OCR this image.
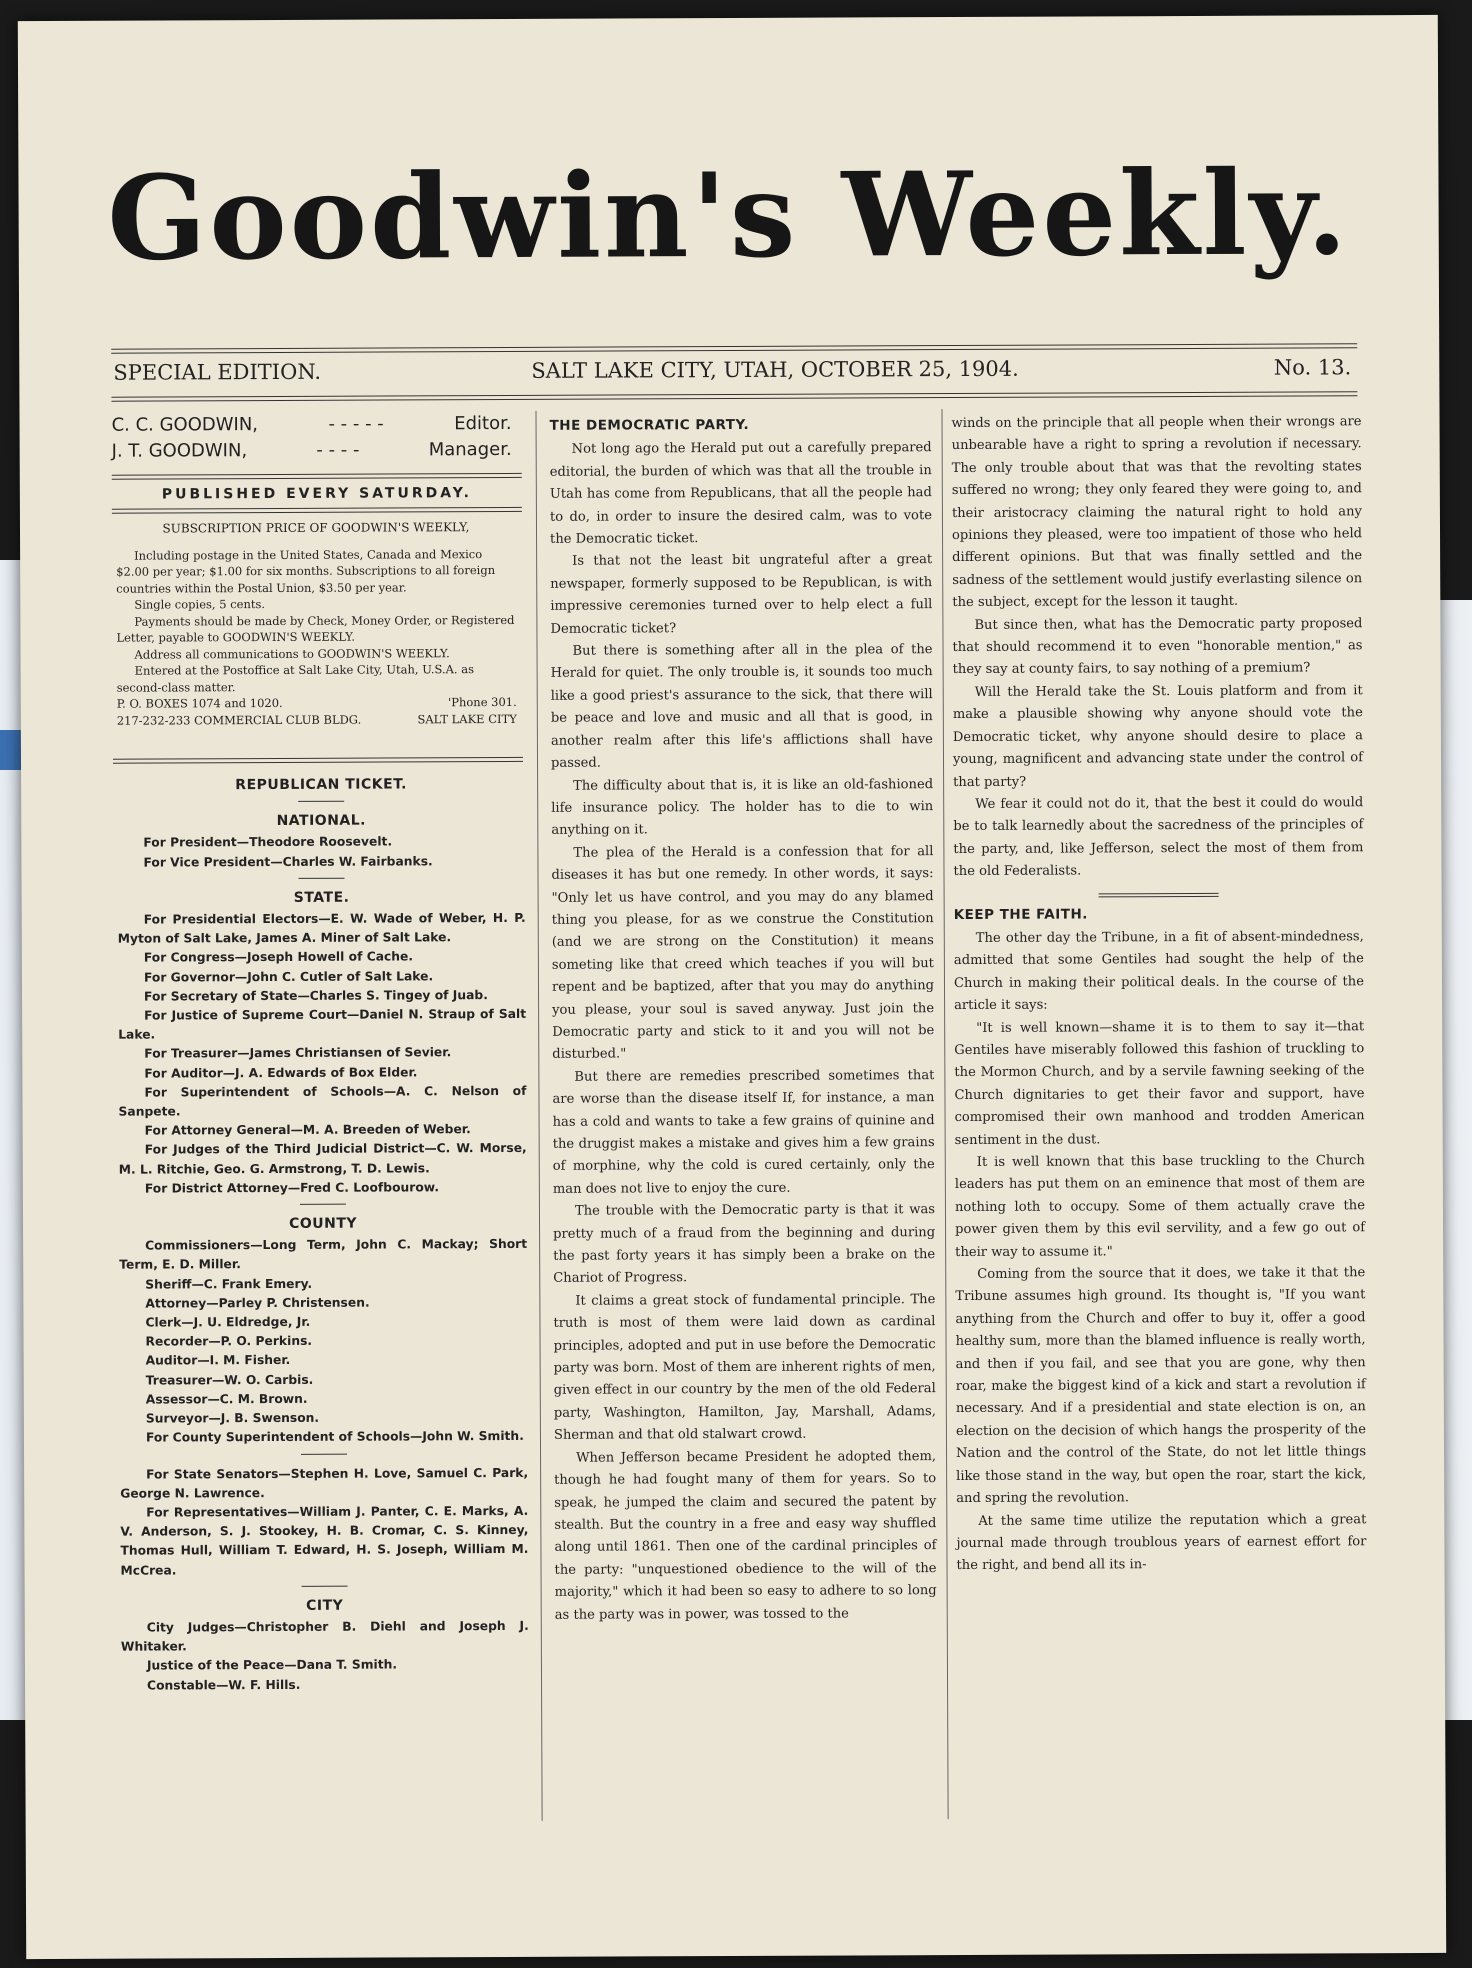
Goodwin's Weekly.
SPECIAL EDITION.	SALT LAKE CITY, UTAH, OCTOBER 25, 1904.	No. 13.
C. C. GOODWIN,	- - - - -	Editor.
J. T. GOODWIN,	- - - -	Manager.
PUBLISHED EVERY SATURDAY.

SUBSCRIPTION PRICE OF GOODWIN'S WEEKLY,

Including postage in the United States, Canada and Mexico $2.00 per year; $1.00 for six months. Subscriptions to all foreign countries within the Postal Union, $3.50 per year.

Single copies, 5 cents.

Payments should be made by Check, Money Order, or Registered Letter, payable to GOODWIN'S WEEKLY.

Address all communications to GOODWIN'S WEEKLY.

Entered at the Postoffice at Salt Lake City, Utah, U.S.A. as second-class matter.

P. O. BOXES 1074 and 1020.	'Phone 301.

217-232-233 COMMERCIAL CLUB BLDG.	SALT LAKE CITY

REPUBLICAN TICKET.
NATIONAL.

For President—Theodore Roosevelt.

For Vice President—Charles W. Fairbanks.

STATE.

For Presidential Electors—E. W. Wade of Weber, H. P. Myton of Salt Lake, James A. Miner of Salt Lake.

For Congress—Joseph Howell of Cache.

For Governor—John C. Cutler of Salt Lake.

For Secretary of State—Charles S. Tingey of Juab.

For Justice of Supreme Court—Daniel N. Straup of Salt Lake.

For Treasurer—James Christiansen of Sevier.

For Auditor—J. A. Edwards of Box Elder.

For Superintendent of Schools—A. C. Nelson of Sanpete.

For Attorney General—M. A. Breeden of Weber.

For Judges of the Third Judicial District—C. W. Morse, M. L. Ritchie, Geo. G. Armstrong, T. D. Lewis.

For District Attorney—Fred C. Loofbourow.

COUNTY

Commissioners—Long Term, John C. Mackay; Short Term, E. D. Miller.

Sheriff—C. Frank Emery.

Attorney—Parley P. Christensen.

Clerk—J. U. Eldredge, Jr.

Recorder—P. O. Perkins.

Auditor—I. M. Fisher.

Treasurer—W. O. Carbis.

Assessor—C. M. Brown.

Surveyor—J. B. Swenson.

For County Superintendent of Schools—John W. Smith.

For State Senators—Stephen H. Love, Samuel C. Park, George N. Lawrence.

For Representatives—William J. Panter, C. E. Marks, A. V. Anderson, S. J. Stookey, H. B. Cromar, C. S. Kinney, Thomas Hull, William T. Edward, H. S. Joseph, William M. McCrea.

CITY

City Judges—Christopher B. Diehl and Joseph J. Whitaker.

Justice of the Peace—Dana T. Smith.

Constable—W. F. Hills.

THE DEMOCRATIC PARTY.

Not long ago the Herald put out a carefully prepared editorial, the burden of which was that all the trouble in Utah has come from Republicans, that all the people had to do, in order to insure the desired calm, was to vote the Democratic ticket.

Is that not the least bit ungrateful after a great newspaper, formerly supposed to be Republican, is with impressive ceremonies turned over to help elect a full Democratic ticket?

But there is something after all in the plea of the Herald for quiet. The only trouble is, it sounds too much like a good priest's assurance to the sick, that there will be peace and love and music and all that is good, in another realm after this life's afflictions shall have passed.

The difficulty about that is, it is like an old-fashioned life insurance policy. The holder has to die to win anything on it.

The plea of the Herald is a confession that for all diseases it has but one remedy. In other words, it says: "Only let us have control, and you may do any blamed thing you please, for as we construe the Constitution (and we are strong on the Constitution) it means someting like that creed which teaches if you will but repent and be baptized, after that you may do anything you please, your soul is saved anyway. Just join the Democratic party and stick to it and you will not be disturbed."

But there are remedies prescribed sometimes that are worse than the disease itself If, for instance, a man has a cold and wants to take a few grains of quinine and the druggist makes a mistake and gives him a few grains of morphine, why the cold is cured certainly, only the man does not live to enjoy the cure.

The trouble with the Democratic party is that it was pretty much of a fraud from the beginning and during the past forty years it has simply been a brake on the Chariot of Progress.

It claims a great stock of fundamental principle. The truth is most of them were laid down as cardinal principles, adopted and put in use before the Democratic party was born. Most of them are inherent rights of men, given effect in our country by the men of the old Federal party, Washington, Hamilton, Jay, Marshall, Adams, Sherman and that old stalwart crowd.

When Jefferson became President he adopted them, though he had fought many of them for years. So to speak, he jumped the claim and secured the patent by stealth. But the country in a free and easy way shuffled along until 1861. Then one of the cardinal principles of the party: "unquestioned obedience to the will of the majority," which it had been so easy to adhere to so long as the party was in power, was tossed to the

winds on the principle that all people when their wrongs are unbearable have a right to spring a revolution if necessary. The only trouble about that was that the revolting states suffered no wrong; they only feared they were going to, and their aristocracy claiming the natural right to hold any opinions they pleased, were too impatient of those who held different opinions. But that was finally settled and the sadness of the settlement would justify everlasting silence on the subject, except for the lesson it taught.

But since then, what has the Democratic party proposed that should recommend it to even "honorable mention," as they say at county fairs, to say nothing of a premium?

Will the Herald take the St. Louis platform and from it make a plausible showing why anyone should vote the Democratic ticket, why anyone should desire to place a young, magnificent and advancing state under the control of that party?

We fear it could not do it, that the best it could do would be to talk learnedly about the sacredness of the principles of the party, and, like Jefferson, select the most of them from the old Federalists.

KEEP THE FAITH.

The other day the Tribune, in a fit of absent-mindedness, admitted that some Gentiles had sought the help of the Church in making their political deals. In the course of the article it says:

"It is well known—shame it is to them to say it—that Gentiles have miserably followed this fashion of truckling to the Mormon Church, and by a servile fawning seeking of the Church dignitaries to get their favor and support, have compromised their own manhood and trodden American sentiment in the dust.

It is well known that this base truckling to the Church leaders has put them on an eminence that most of them are nothing loth to occupy. Some of them actually crave the power given them by this evil servility, and a few go out of their way to assume it."

Coming from the source that it does, we take it that the Tribune assumes high ground. Its thought is, "If you want anything from the Church and offer to buy it, offer a good healthy sum, more than the blamed influence is really worth, and then if you fail, and see that you are gone, why then roar, make the biggest kind of a kick and start a revolution if necessary. And if a presidential and state election is on, an election on the decision of which hangs the prosperity of the Nation and the control of the State, do not let little things like those stand in the way, but open the roar, start the kick, and spring the revolution.

At the same time utilize the reputation which a great journal made through troublous years of earnest effort for the right, and bend all its in-
